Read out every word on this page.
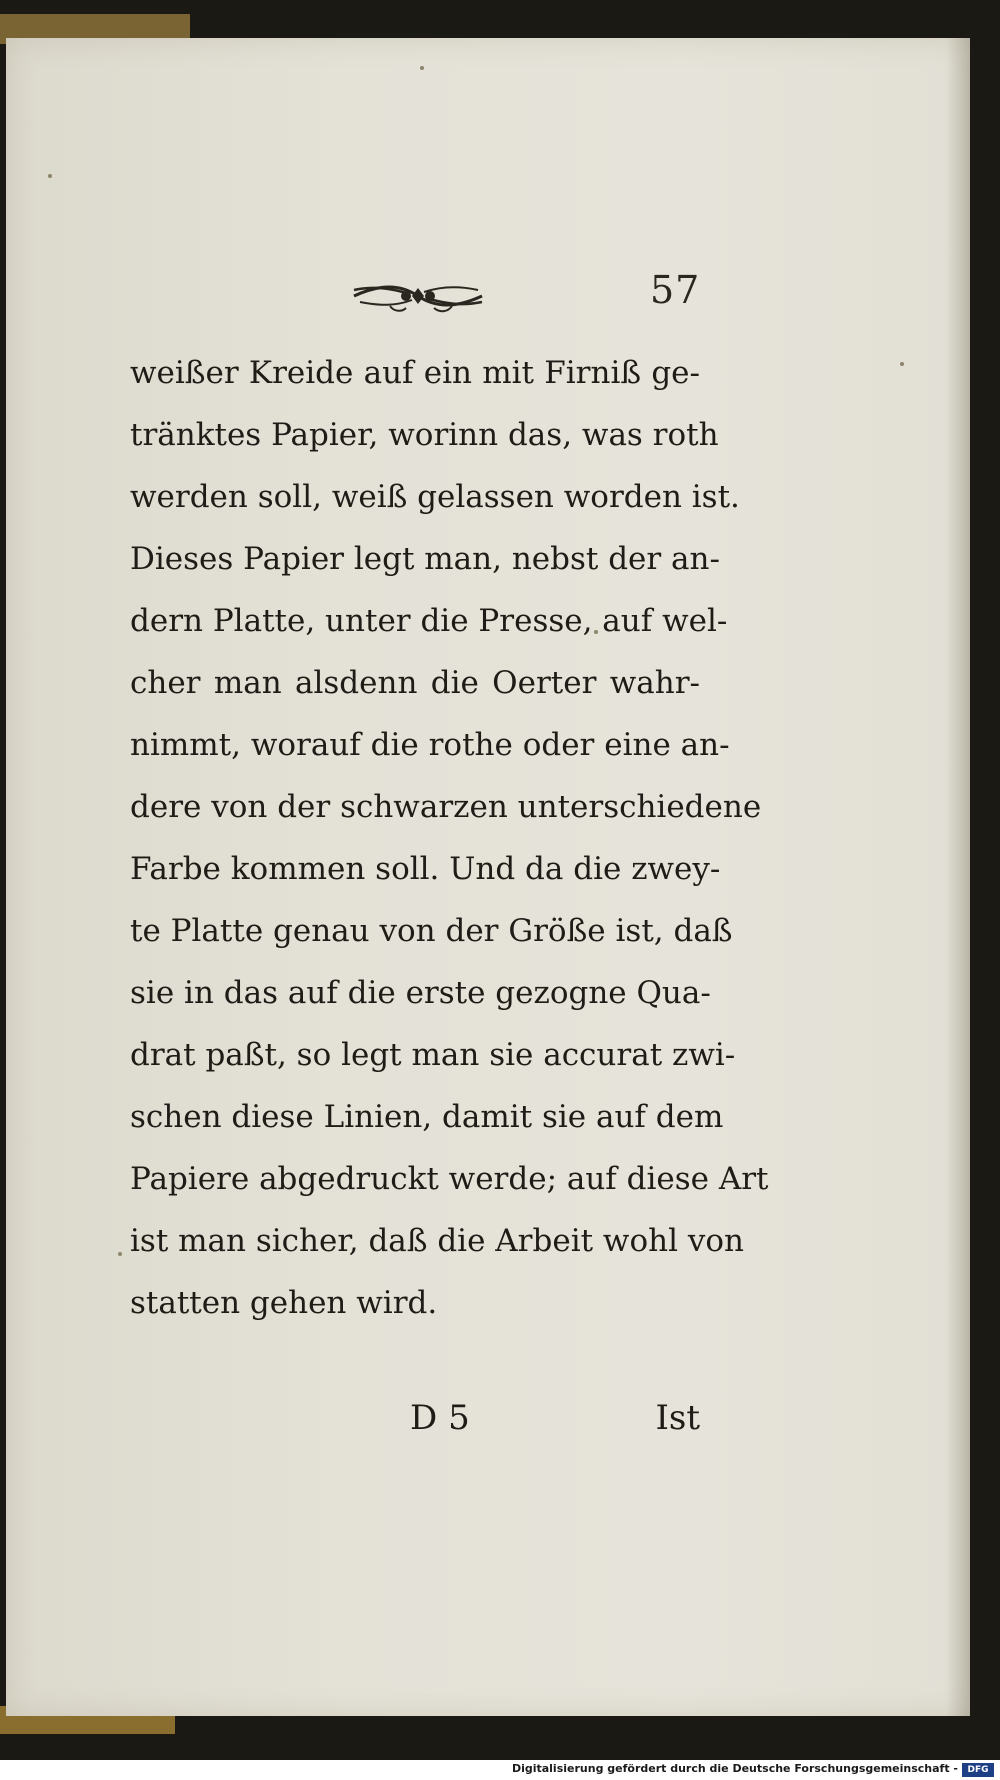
57
weißer Kreide auf ein mit Firniß ge-
tränktes Papier, worinn das, was roth
werden soll, weiß gelassen worden ist.
Dieses Papier legt man, nebst der an-
dern Platte, unter die Presse, auf wel-
cher man alsdenn die Oerter wahr-
nimmt, worauf die rothe oder eine an-
dere von der schwarzen unterschiedene
Farbe kommen soll. Und da die zwey-
te Platte genau von der Größe ist, daß
sie in das auf die erste gezogne Qua-
drat paßt, so legt man sie accurat zwi-
schen diese Linien, damit sie auf dem
Papiere abgedruckt werde; auf diese Art
ist man sicher, daß die Arbeit wohl von
statten gehen wird.
D 5	Ist
Digitalisierung gefördert durch die Deutsche Forschungsgemeinschaft -	DFG
